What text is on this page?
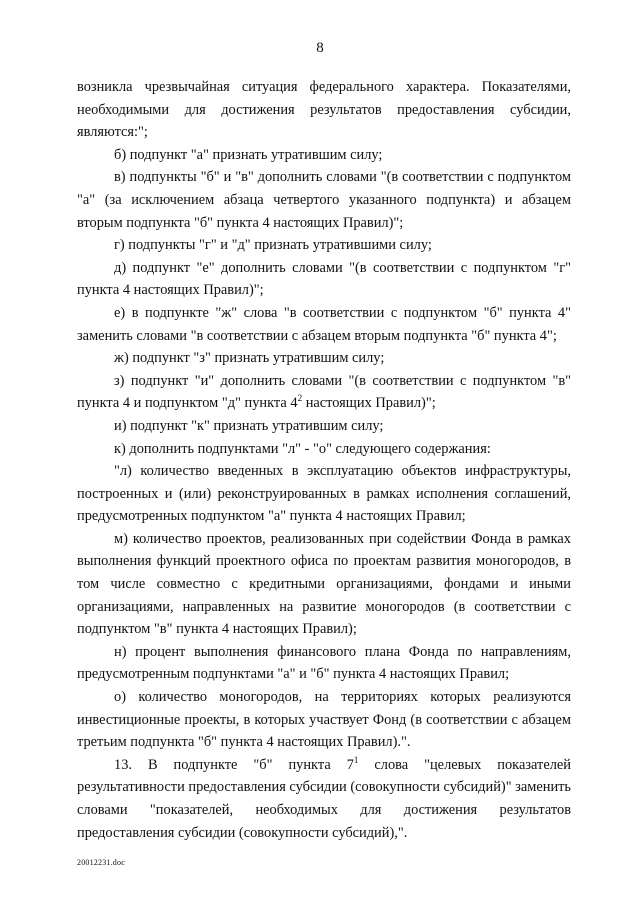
8

возникла чрезвычайная ситуация федерального характера. Показателями, необходимыми для достижения результатов предоставления субсидии, являются:";

б) подпункт "а" признать утратившим силу;

в) подпункты "б" и "в" дополнить словами "(в соответствии с подпунктом "а" (за исключением абзаца четвертого указанного подпункта) и абзацем вторым подпункта "б" пункта 4 настоящих Правил)";

г) подпункты "г" и "д" признать утратившими силу;

д) подпункт "е" дополнить словами "(в соответствии с подпунктом "г" пункта 4 настоящих Правил)";

е) в подпункте "ж" слова "в соответствии с подпунктом "б" пункта 4" заменить словами "в соответствии с абзацем вторым подпункта "б" пункта 4";

ж) подпункт "з" признать утратившим силу;

з) подпункт "и" дополнить словами "(в соответствии с подпунктом "в" пункта 4 и подпунктом "д" пункта $4^2$ настоящих Правил)";

и) подпункт "к" признать утратившим силу;

к) дополнить подпунктами "л" - "о" следующего содержания:

"л) количество введенных в эксплуатацию объектов инфраструктуры, построенных и (или) реконструированных в рамках исполнения соглашений, предусмотренных подпунктом "а" пункта 4 настоящих Правил;

м) количество проектов, реализованных при содействии Фонда в рамках выполнения функций проектного офиса по проектам развития моногородов, в том числе совместно с кредитными организациями, фондами и иными организациями, направленных на развитие моногородов (в соответствии с подпунктом "в" пункта 4 настоящих Правил);

н) процент выполнения финансового плана Фонда по направлениям, предусмотренным подпунктами "а" и "б" пункта 4 настоящих Правил;

о) количество моногородов, на территориях которых реализуются инвестиционные проекты, в которых участвует Фонд (в соответствии с абзацем третьим подпункта "б" пункта 4 настоящих Правил).".

13. В подпункте "б" пункта $7^1$ слова "целевых показателей результативности предоставления субсидии (совокупности субсидий)" заменить словами "показателей, необходимых для достижения результатов предоставления субсидии (совокупности субсидий),".

20012231.doc
